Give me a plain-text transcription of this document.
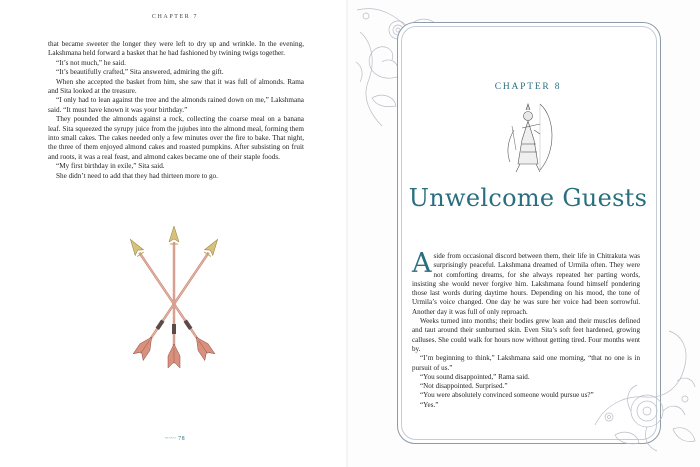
CHAPTER 7

that became sweeter the longer they were left to dry up and wrinkle. In the evening, Lakshmana held forward a basket that he had fashioned by twining twigs together.

“It’s not much,” he said.

“It’s beautifully crafted,” Sita answered, admiring the gift.

When she accepted the basket from him, she saw that it was full of almonds. Rama and Sita looked at the treasure.

“I only had to lean against the tree and the almonds rained down on me,” Lakshmana said. “It must have known it was your birthday.”

They pounded the almonds against a rock, collecting the coarse meal on a banana leaf. Sita squeezed the syrupy juice from the jujubes into the almond meal, forming them into small cakes. The cakes needed only a few minutes over the fire to bake. That night, the three of them enjoyed almond cakes and roasted pumpkins. After subsisting on fruit and roots, it was a real feast, and almond cakes became one of their staple foods.

“My first birthday in exile,” Sita said.

She didn’t need to add that they had thirteen more to go.

~~~ 78
CHAPTER 8
Unwelcome Guests

Aside from occasional discord between them, their life in Chitrakuta was surprisingly peaceful. Lakshmana dreamed of Urmila often. They were not comforting dreams, for she always repeated her parting words, insisting she would never forgive him. Lakshmana found himself pondering those last words during daytime hours. Depending on his mood, the tone of Urmila’s voice changed. One day he was sure her voice had been sorrowful. Another day it was full of only reproach.

Weeks turned into months; their bodies grew lean and their muscles defined and taut around their sunburned skin. Even Sita’s soft feet hardened, growing calluses. She could walk for hours now without getting tired. Four months went by.

“I’m beginning to think,” Lakshmana said one morning, “that no one is in pursuit of us.”

“You sound disappointed,” Rama said.

“Not disappointed. Surprised.”

“You were absolutely convinced someone would pursue us?”

“Yes.”
